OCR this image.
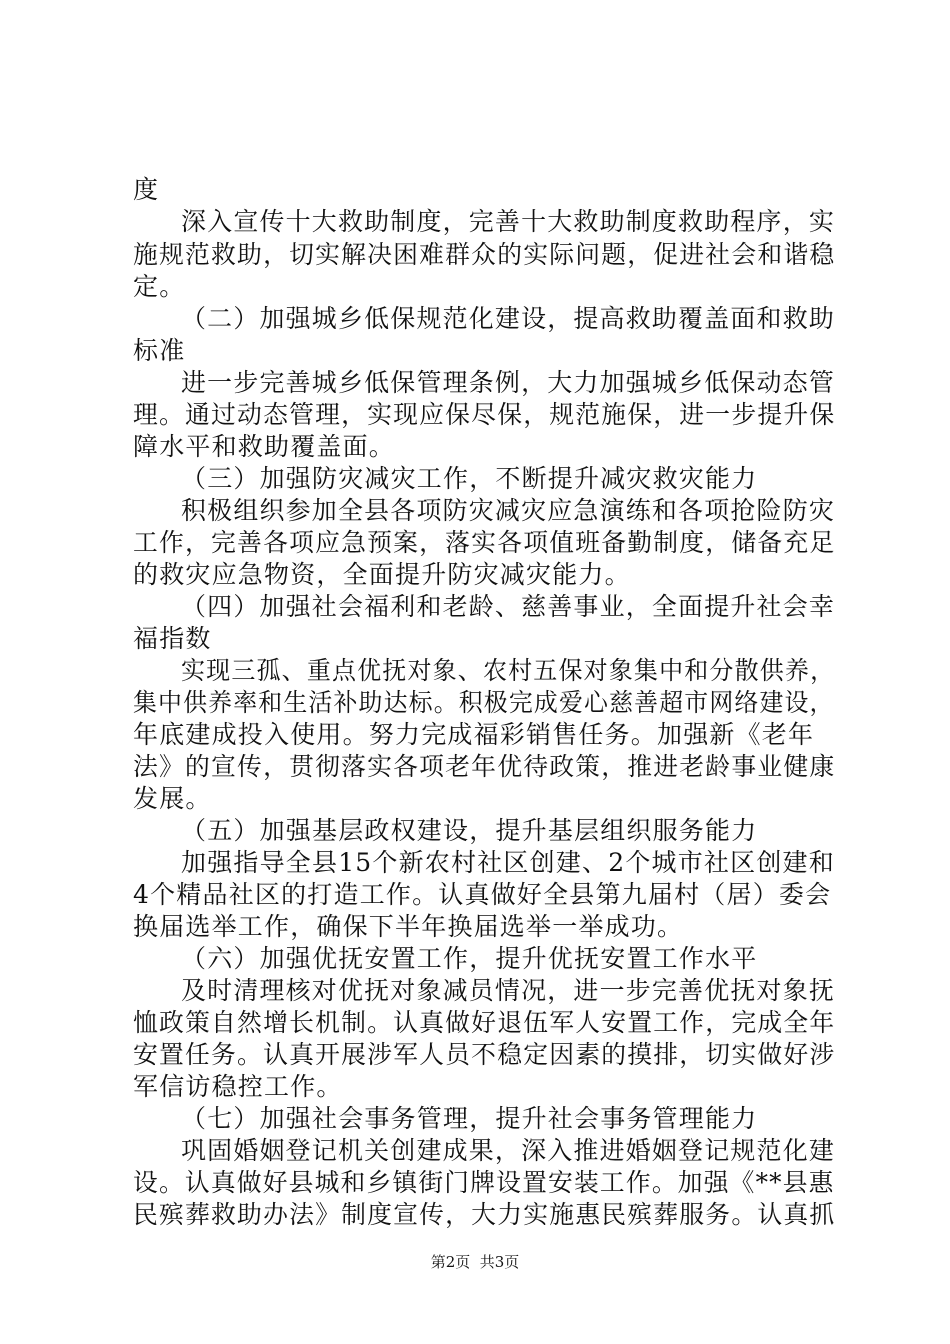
度

深入宣传十大救助制度，完善十大救助制度救助程序，实

施规范救助，切实解决困难群众的实际问题，促进社会和谐稳

定。

（二）加强城乡低保规范化建设，提高救助覆盖面和救助

标准

进一步完善城乡低保管理条例，大力加强城乡低保动态管

理。通过动态管理，实现应保尽保，规范施保，进一步提升保

障水平和救助覆盖面。

（三）加强防灾减灾工作，不断提升减灾救灾能力

积极组织参加全县各项防灾减灾应急演练和各项抢险防灾

工作，完善各项应急预案，落实各项值班备勤制度，储备充足

的救灾应急物资，全面提升防灾减灾能力。

（四）加强社会福利和老龄、慈善事业，全面提升社会幸

福指数

实现三孤、重点优抚对象、农村五保对象集中和分散供养，

集中供养率和生活补助达标。积极完成爱心慈善超市网络建设，

年底建成投入使用。努力完成福彩销售任务。加强新《老年

法》的宣传，贯彻落实各项老年优待政策，推进老龄事业健康

发展。

（五）加强基层政权建设，提升基层组织服务能力

加强指导全县15个新农村社区创建、2个城市社区创建和

4个精品社区的打造工作。认真做好全县第九届村（居）委会

换届选举工作，确保下半年换届选举一举成功。

（六）加强优抚安置工作，提升优抚安置工作水平

及时清理核对优抚对象减员情况，进一步完善优抚对象抚

恤政策自然增长机制。认真做好退伍军人安置工作，完成全年

安置任务。认真开展涉军人员不稳定因素的摸排，切实做好涉

军信访稳控工作。

（七）加强社会事务管理，提升社会事务管理能力

巩固婚姻登记机关创建成果，深入推进婚姻登记规范化建

设。认真做好县城和乡镇街门牌设置安装工作。加强《**县惠

民殡葬救助办法》制度宣传，大力实施惠民殡葬服务。认真抓

第2页  共3页
